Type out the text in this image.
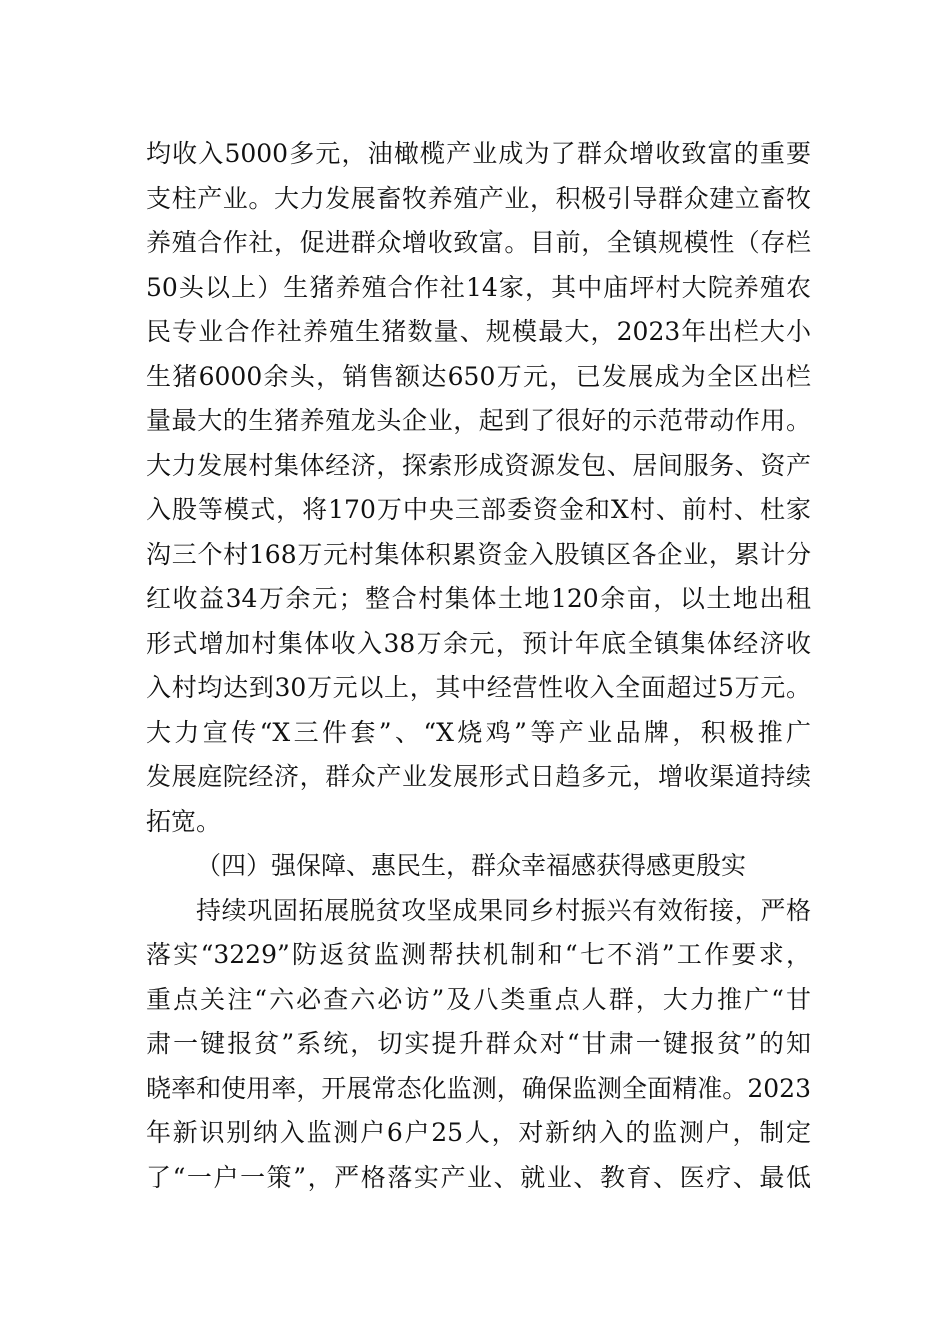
均收入5000多元，油橄榄产业成为了群众增收致富的重要
支柱产业。大力发展畜牧养殖产业，积极引导群众建立畜牧
养殖合作社，促进群众增收致富。目前，全镇规模性（存栏
50头以上）生猪养殖合作社14家，其中庙坪村大院养殖农
民专业合作社养殖生猪数量、规模最大，2023年出栏大小
生猪6000余头，销售额达650万元，已发展成为全区出栏
量最大的生猪养殖龙头企业，起到了很好的示范带动作用。
大力发展村集体经济，探索形成资源发包、居间服务、资产
入股等模式，将170万中央三部委资金和X村、前村、杜家
沟三个村168万元村集体积累资金入股镇区各企业，累计分
红收益34万余元；整合村集体土地120余亩，以土地出租
形式增加村集体收入38万余元，预计年底全镇集体经济收
入村均达到30万元以上，其中经营性收入全面超过5万元。
大力宣传“X三件套”、“X烧鸡”等产业品牌，积极推广
发展庭院经济，群众产业发展形式日趋多元，增收渠道持续
拓宽。
（四）强保障、惠民生，群众幸福感获得感更殷实
持续巩固拓展脱贫攻坚成果同乡村振兴有效衔接，严格
落实“3229”防返贫监测帮扶机制和“七不消”工作要求，
重点关注“六必查六必访”及八类重点人群，大力推广“甘
肃一键报贫”系统，切实提升群众对“甘肃一键报贫”的知
晓率和使用率，开展常态化监测，确保监测全面精准。2023
年新识别纳入监测户6户25人，对新纳入的监测户，制定
了“一户一策”，严格落实产业、就业、教育、医疗、最低
